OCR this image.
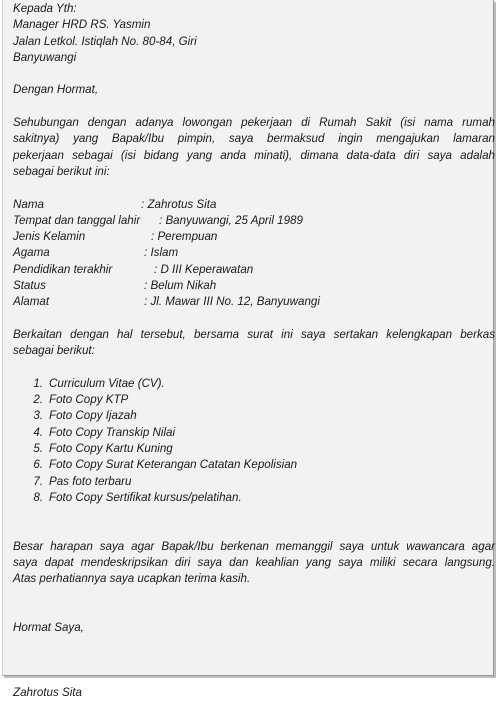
Kepada Yth:
Manager HRD RS. Yasmin
Jalan Letkol. Istiqlah No. 80-84, Giri
Banyuwangi
Dengan Hormat,
Sehubungan dengan adanya lowongan pekerjaan di Rumah Sakit (isi nama rumah
sakitnya) yang Bapak/Ibu pimpin, saya bermaksud ingin mengajukan lamaran
pekerjaan sebagai (isi bidang yang anda minati), dimana data-data diri saya adalah
sebagai berikut ini:
Nama	: Zahrotus Sita
Tempat dan tanggal lahir	: Banyuwangi, 25 April 1989
Jenis Kelamin	: Perempuan
Agama	: Islam
Pendidikan terakhir	: D III Keperawatan
Status	: Belum Nikah
Alamat	: Jl. Mawar III No. 12, Banyuwangi
Berkaitan dengan hal tersebut, bersama surat ini saya sertakan kelengkapan berkas
sebagai berikut:
1. Curriculum Vitae (CV).
2. Foto Copy KTP
3. Foto Copy Ijazah
4. Foto Copy Transkip Nilai
5. Foto Copy Kartu Kuning
6. Foto Copy Surat Keterangan Catatan Kepolisian
7. Pas foto terbaru
8. Foto Copy Sertifikat kursus/pelatihan.
Besar harapan saya agar Bapak/Ibu berkenan memanggil saya untuk wawancara agar
saya dapat mendeskripsikan diri saya dan keahlian yang saya miliki secara langsung.
Atas perhatiannya saya ucapkan terima kasih.
Hormat Saya,
Zahrotus Sita
